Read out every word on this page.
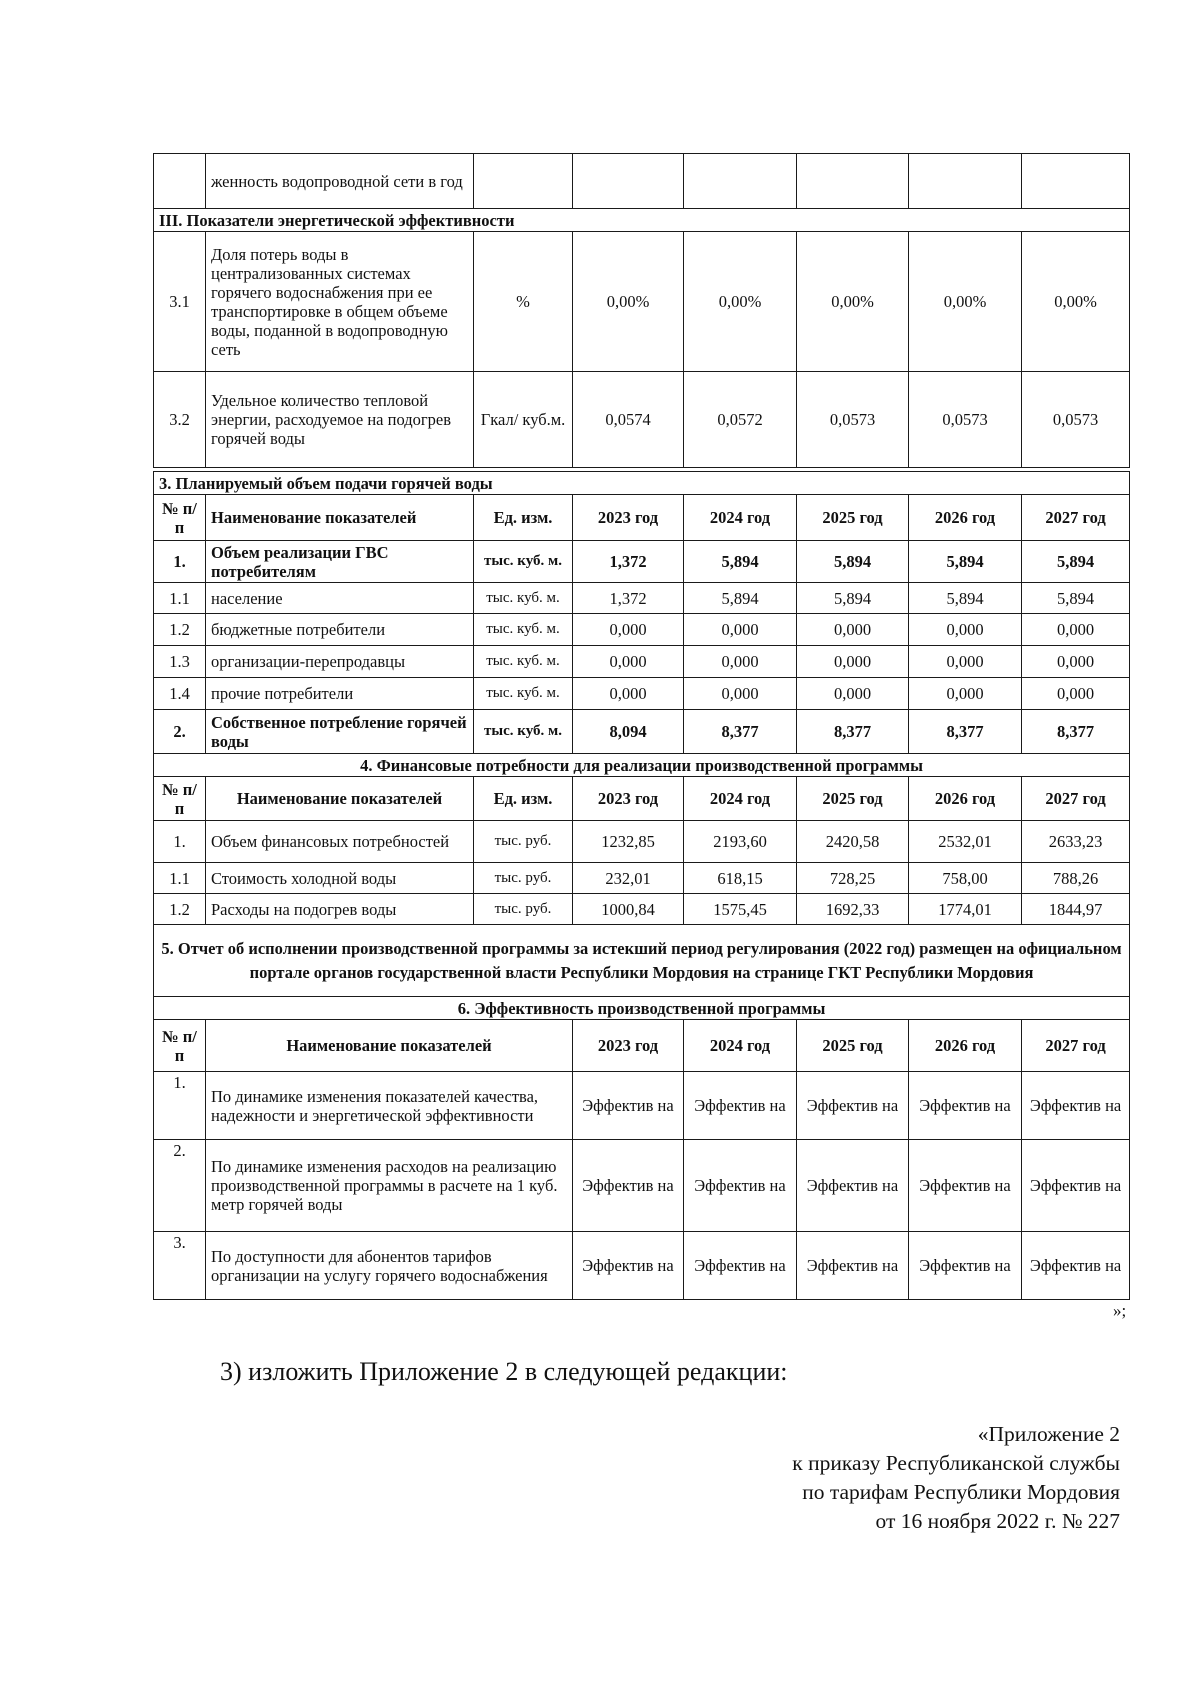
	женность водопроводной сети в год						
III. Показатели энергетической эффективности							
3.1	Доля потерь воды в централизованных системах горячего водоснабжения при ее транспортировке в общем объеме воды, поданной в водопроводную сеть	%	0,00%	0,00%	0,00%	0,00%	0,00%
3.2	Удельное количество тепловой энергии, расходуемое на подогрев горячей воды	Гкал/ куб.м.	0,0574	0,0572	0,0573	0,0573	0,0573
3. Планируемый объем подачи горячей воды							
№ п/п	Наименование показателей	Ед. изм.	2023 год	2024 год	2025 год	2026 год	2027 год
1.	Объем реализации ГВС потребителям	тыс. куб. м.	1,372	5,894	5,894	5,894	5,894
1.1	население	тыс. куб. м.	1,372	5,894	5,894	5,894	5,894
1.2	бюджетные потребители	тыс. куб. м.	0,000	0,000	0,000	0,000	0,000
1.3	организации-перепродавцы	тыс. куб. м.	0,000	0,000	0,000	0,000	0,000
1.4	прочие потребители	тыс. куб. м.	0,000	0,000	0,000	0,000	0,000
2.	Собственное потребление горячей воды	тыс. куб. м.	8,094	8,377	8,377	8,377	8,377
4. Финансовые потребности для реализации производственной программы							
№ п/п	Наименование показателей	Ед. изм.	2023 год	2024 год	2025 год	2026 год	2027 год
1.	Объем финансовых потребностей	тыс. руб.	1232,85	2193,60	2420,58	2532,01	2633,23
1.1	Стоимость холодной воды	тыс. руб.	232,01	618,15	728,25	758,00	788,26
1.2	Расходы на подогрев воды	тыс. руб.	1000,84	1575,45	1692,33	1774,01	1844,97
5. Отчет об исполнении производственной программы за истекший период регулирования (2022 год) размещен на официальном портале органов государственной власти Республики Мордовия на странице ГКТ Республики Мордовия							
6. Эффективность производственной программы							
№ п/п	Наименование показателей		2023 год	2024 год	2025 год	2026 год	2027 год
1.	По динамике изменения показателей качества, надежности и энергетической эффективности		Эффектив на	Эффектив на	Эффектив на	Эффектив на	Эффектив на
2.	По динамике изменения расходов на реализацию производственной программы в расчете на 1 куб. метр горячей воды		Эффектив на	Эффектив на	Эффектив на	Эффектив на	Эффектив на
3.	По доступности для абонентов тарифов организации на услугу горячего водоснабжения		Эффектив на	Эффектив на	Эффектив на	Эффектив на	Эффектив на
»;
3) изложить Приложение 2 в следующей редакции:
«Приложение 2
к приказу Республиканской службы
по тарифам Республики Мордовия
от 16 ноября 2022 г. № 227
